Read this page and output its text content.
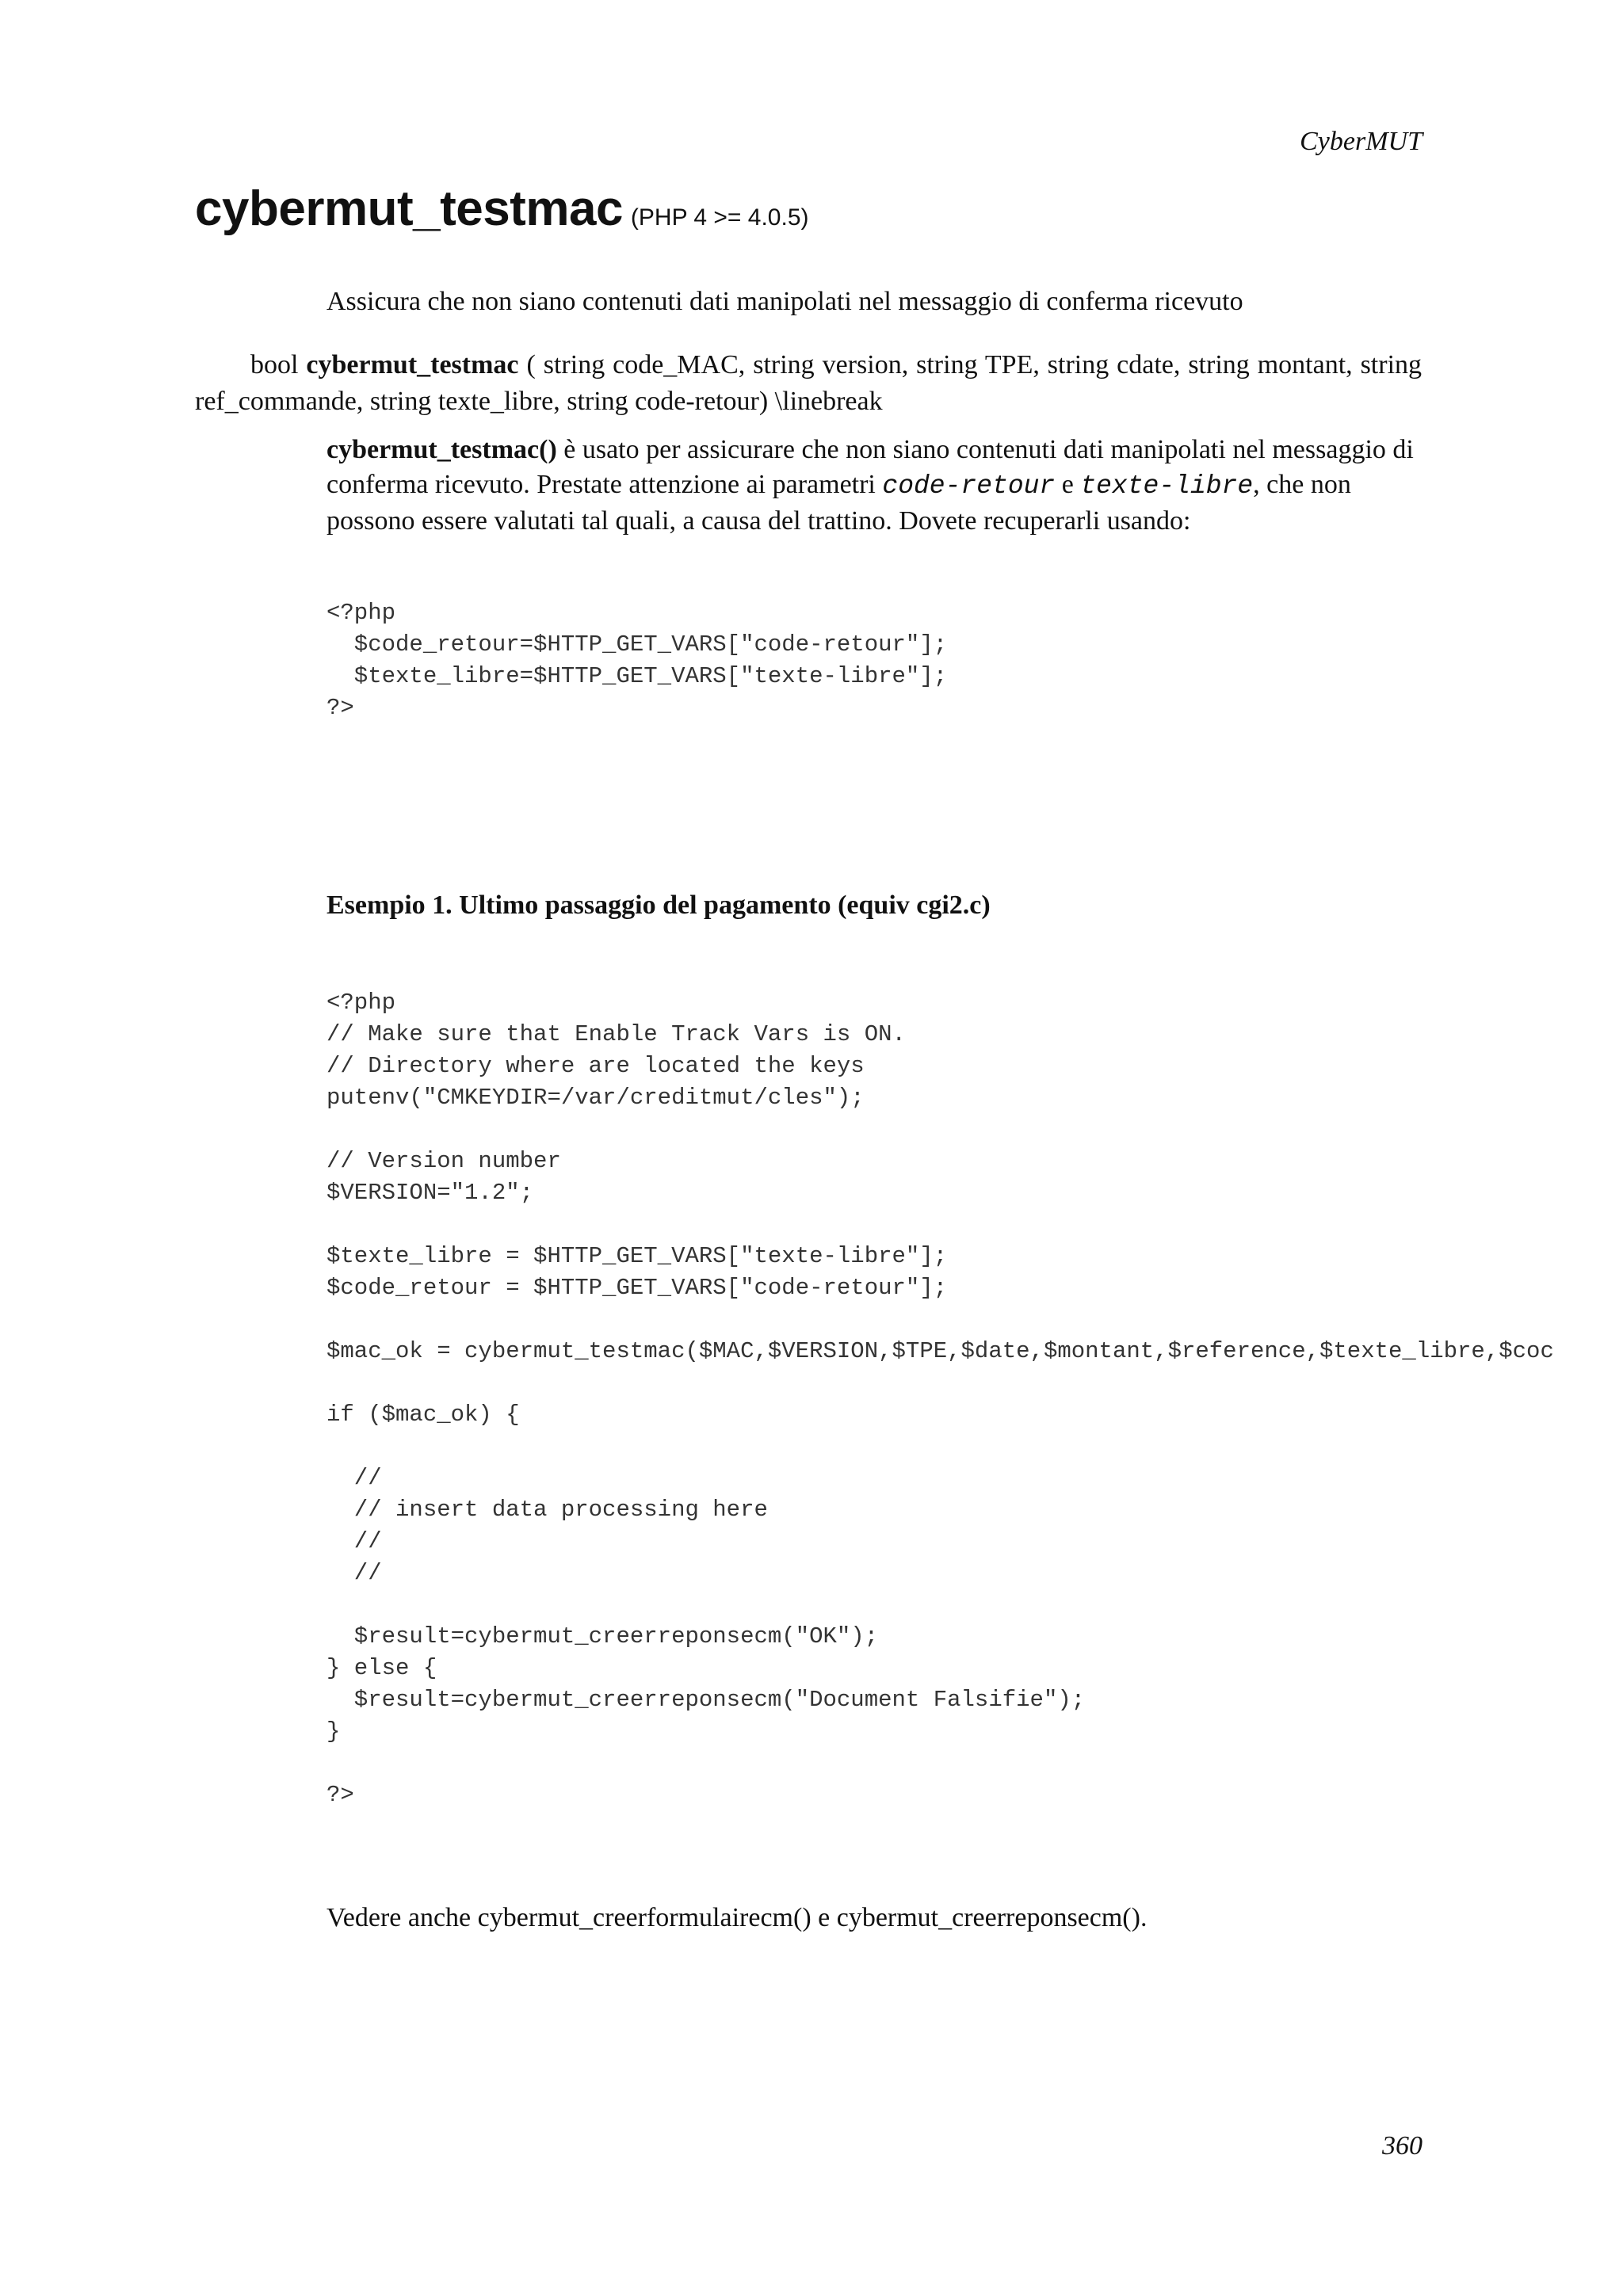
CyberMUT
cybermut_testmac (PHP 4 >= 4.0.5)
Assicura che non siano contenuti dati manipolati nel messaggio di conferma ricevuto
bool cybermut_testmac ( string code_MAC, string version, string TPE, string cdate, string montant, string ref_commande, string texte_libre, string code-retour) \linebreak
cybermut_testmac() è usato per assicurare che non siano contenuti dati manipolati nel messaggio di conferma ricevuto. Prestate attenzione ai parametri code-retour e texte-libre, che non possono essere valutati tal quali, a causa del trattino. Dovete recuperarli usando:
<?php
$code_retour=$HTTP_GET_VARS["code-retour"];
$texte_libre=$HTTP_GET_VARS["texte-libre"];
?>
Esempio 1. Ultimo passaggio del pagamento (equiv cgi2.c)
<?php
// Make sure that Enable Track Vars is ON.
// Directory where are located the keys
putenv("CMKEYDIR=/var/creditmut/cles");

// Version number
$VERSION="1.2";

$texte_libre = $HTTP_GET_VARS["texte-libre"];
$code_retour = $HTTP_GET_VARS["code-retour"];

$mac_ok = cybermut_testmac($MAC,$VERSION,$TPE,$date,$montant,$reference,$texte_libre,$coc

if ($mac_ok) {

//
// insert data processing here
//
//

$result=cybermut_creerreponsecm("OK");
} else {
$result=cybermut_creerreponsecm("Document Falsifie");
}

?>
Vedere anche cybermut_creerformulairecm() e cybermut_creerreponsecm().
360
